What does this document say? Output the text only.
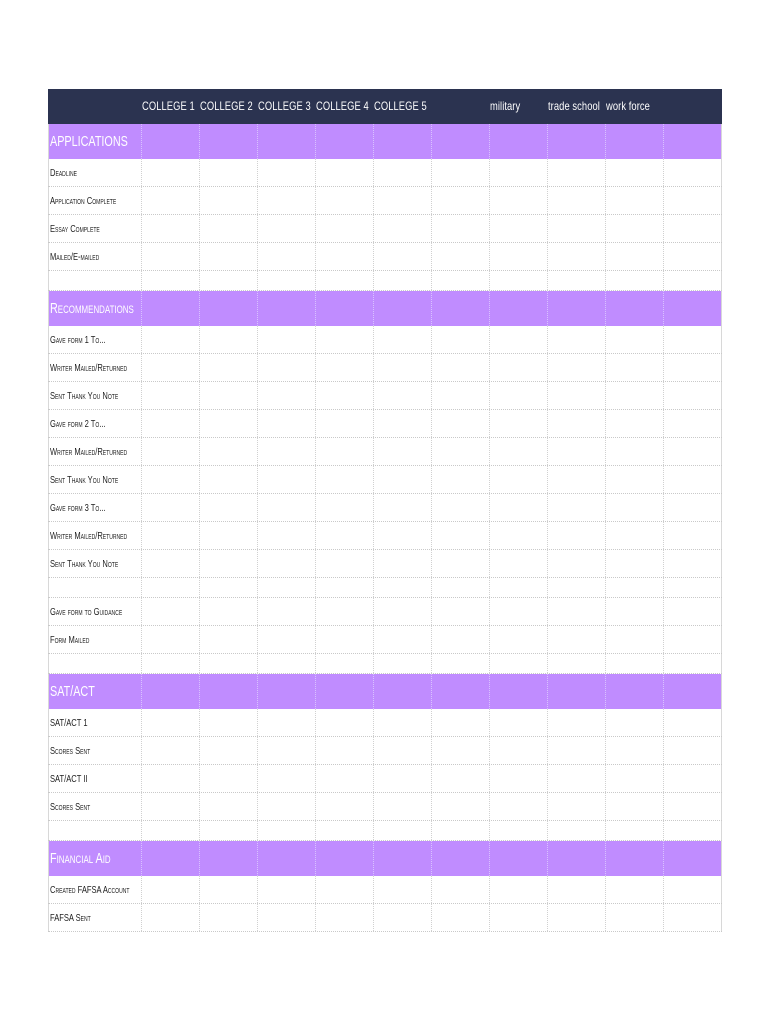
COLLEGE 1 COLLEGE 2 COLLEGE 3 COLLEGE 4 COLLEGE 5	military trade school work force
APPLICATIONS
Deadline
Application Complete
Essay Complete
Mailed/E-mailed
Recommendations
Gave form 1 To...
Writer Mailed/Returned
Sent Thank You Note
Gave form 2 To...
Writer Mailed/Returned
Sent Thank You Note
Gave form 3 To...
Writer Mailed/Returned
Sent Thank You Note
Gave form to Guidance
Form Mailed
SAT/ACT
SAT/ACT 1
Scores Sent
SAT/ACT II
Scores Sent
Financial Aid
Created FAFSA Account
FAFSA Sent
